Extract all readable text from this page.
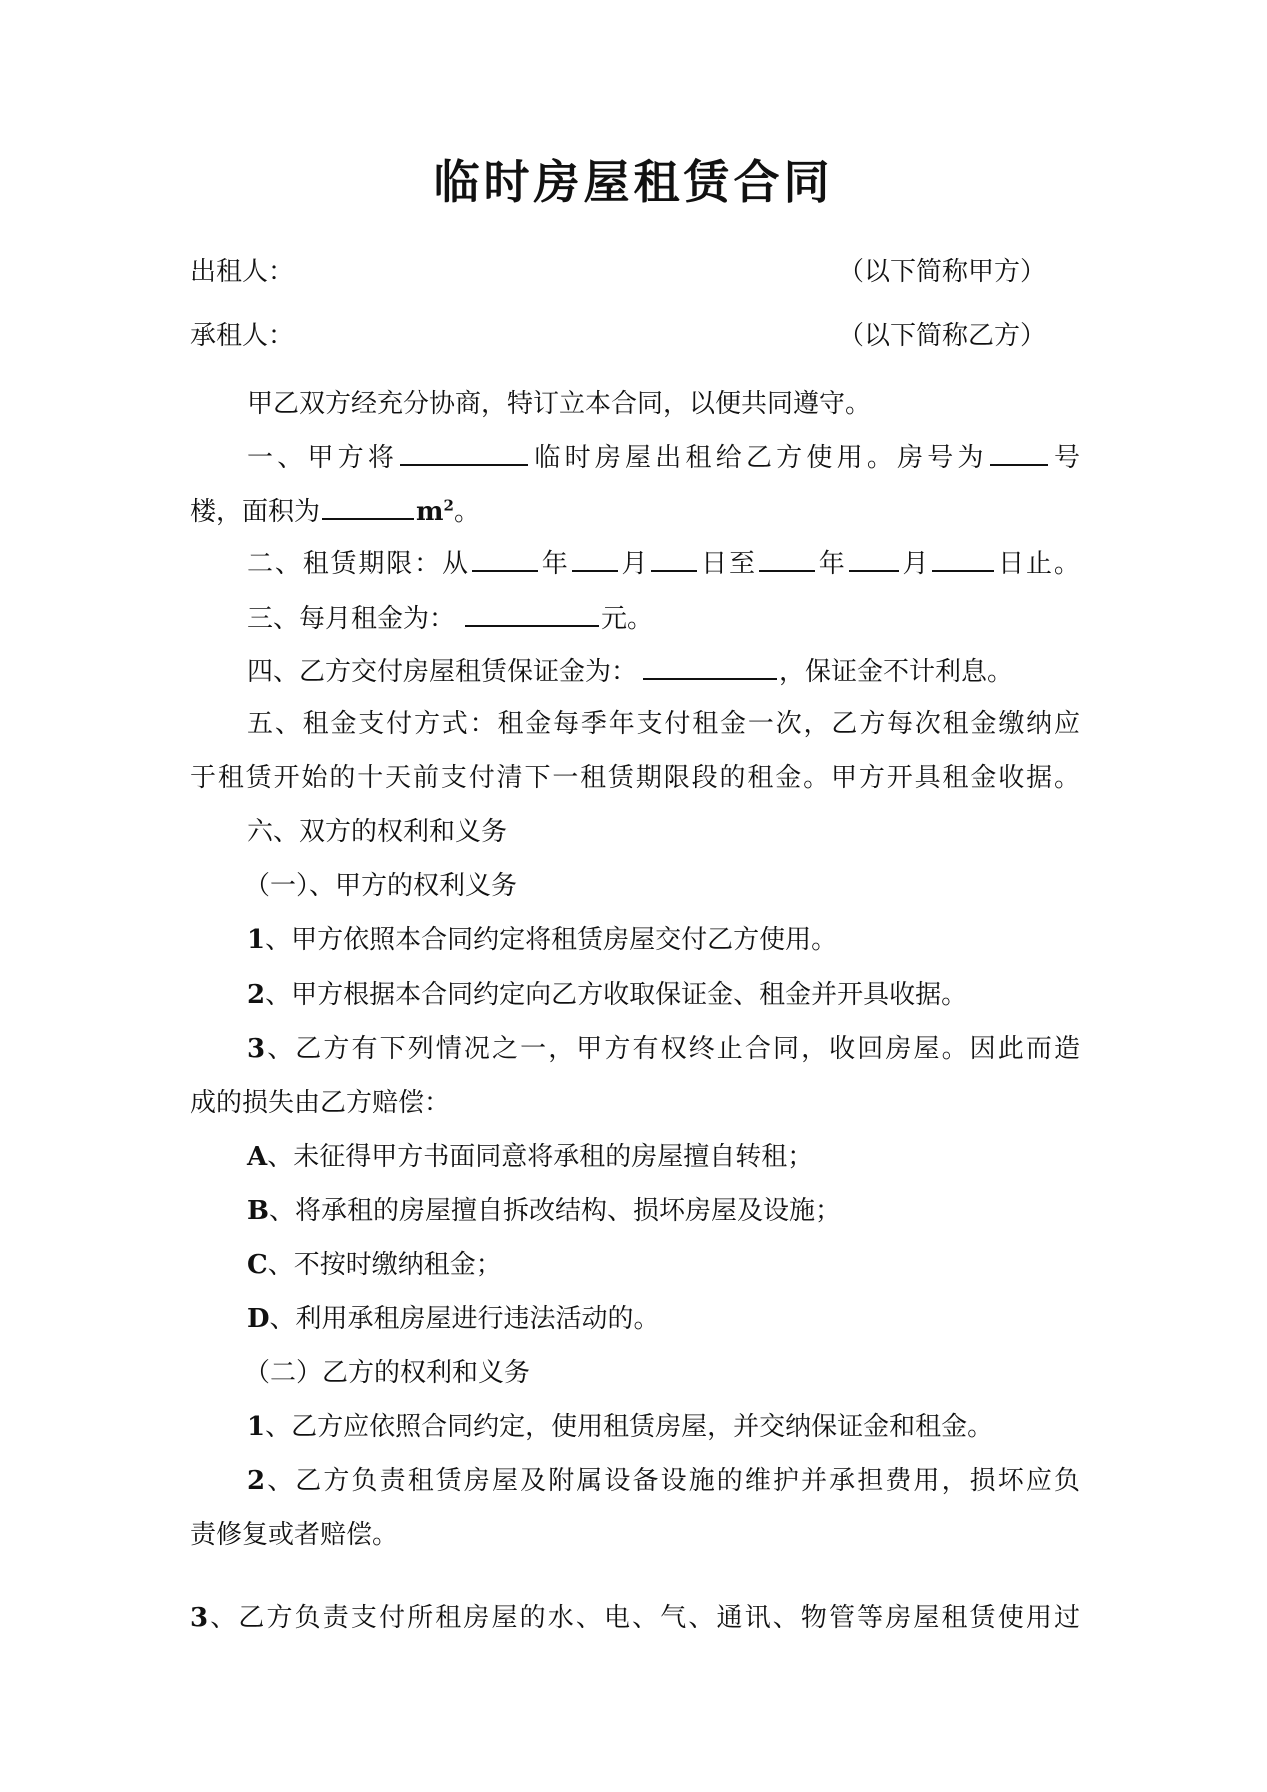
临时房屋租赁合同
出租人：	（以下简称甲方）
承租人：	（以下简称乙方）
甲乙双方经充分协商，特订立本合同，以便共同遵守。
一、甲方将	临时房屋出租给乙方使用。房号为 号
楼，面积为	$m^2$。
二、租赁期限：从	年 月 日至 年 月	日止。
三、每月租金为：	元。
四、乙方交付房屋租赁保证金为：	，保证金不计利息。
五、租金支付方式：租金每季年支付租金一次，乙方每次租金缴纳应
于租赁开始的十天前支付清下一租赁期限段的租金。甲方开具租金收据。
六、双方的权利和义务
（一）、甲方的权利义务
1、甲方依照本合同约定将租赁房屋交付乙方使用。
2、甲方根据本合同约定向乙方收取保证金、租金并开具收据。
3、乙方有下列情况之一，甲方有权终止合同，收回房屋。因此而造
成的损失由乙方赔偿：
A、未征得甲方书面同意将承租的房屋擅自转租；
B、将承租的房屋擅自拆改结构、损坏房屋及设施；
C、不按时缴纳租金；
D、利用承租房屋进行违法活动的。
（二）乙方的权利和义务
1、乙方应依照合同约定，使用租赁房屋，并交纳保证金和租金。
2、乙方负责租赁房屋及附属设备设施的维护并承担费用，损坏应负
责修复或者赔偿。
3、乙方负责支付所租房屋的水、电、气、通讯、物管等房屋租赁使用过
